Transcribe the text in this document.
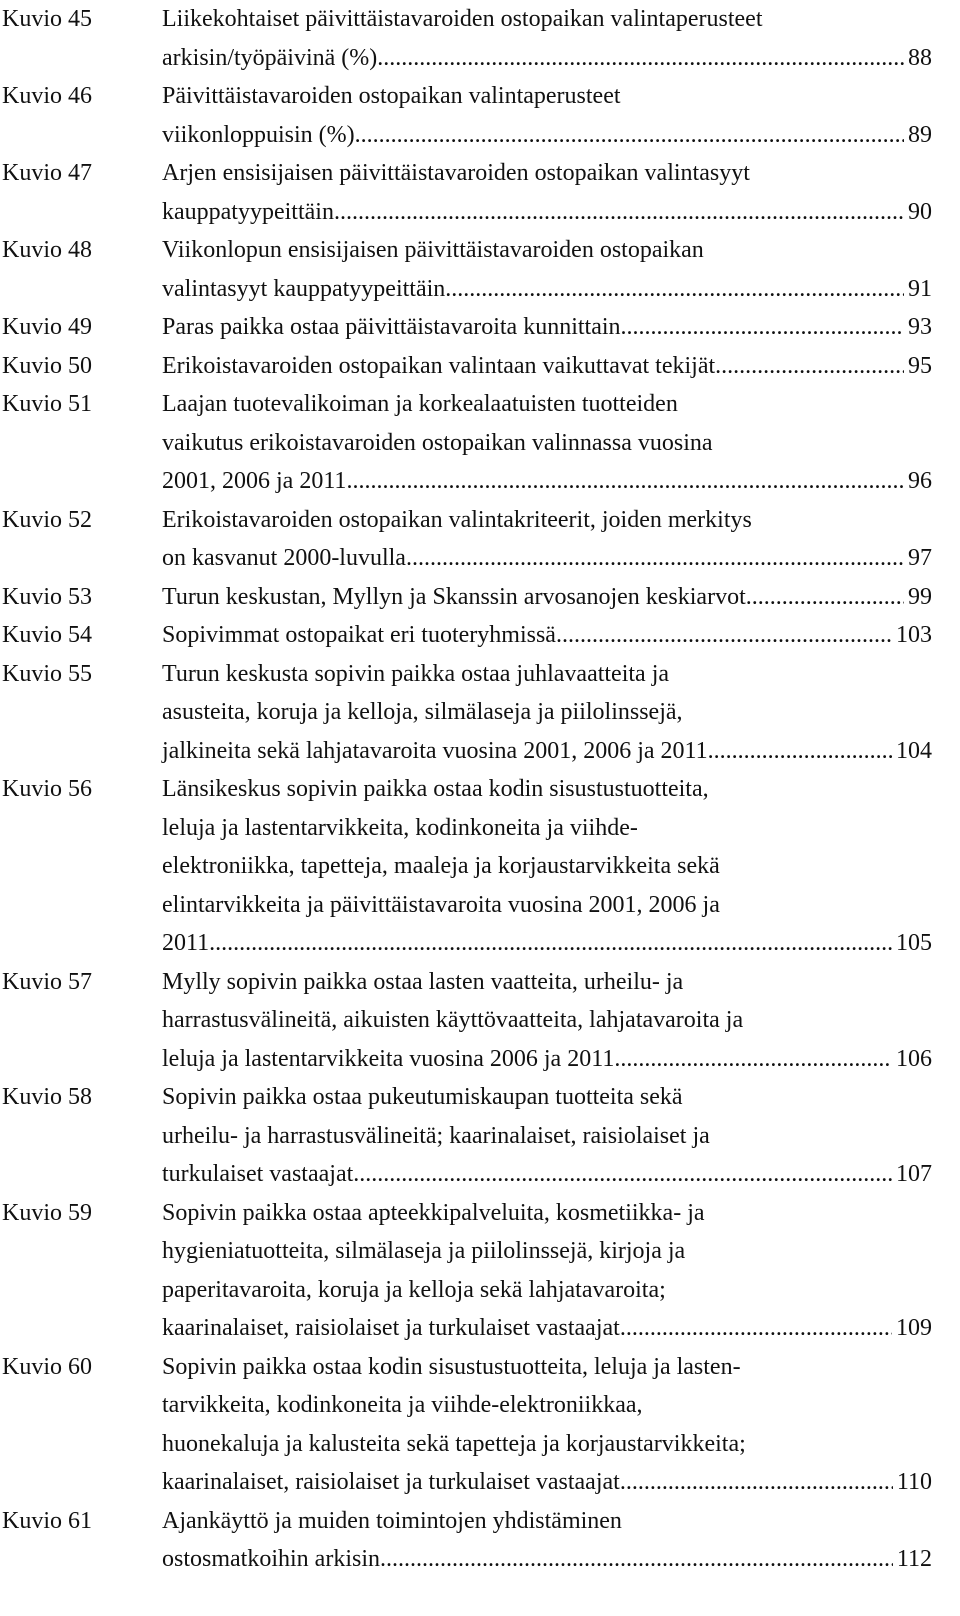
Kuvio 45	Liikekohtaiset päivittäistavaroiden ostopaikan valintaperusteet
arkisin/työpäivinä (%). .....	88
Kuvio 46	Päivittäistavaroiden ostopaikan valintaperusteet
viikonloppuisin (%) .....	89
Kuvio 47	Arjen ensisijaisen päivittäistavaroiden ostopaikan valintasyyt
kauppatyypeittäin .....	90
Kuvio 48	Viikonlopun ensisijaisen päivittäistavaroiden ostopaikan
valintasyyt kauppatyypeittäin .....	91
Kuvio 49	Paras paikka ostaa päivittäistavaroita kunnittain .....	93
Kuvio 50	Erikoistavaroiden ostopaikan valintaan vaikuttavat tekijät .....	95
Kuvio 51	Laajan tuotevalikoiman ja korkealaatuisten tuotteiden
vaikutus erikoistavaroiden ostopaikan valinnassa vuosina
2001, 2006 ja 2011 .....	96
Kuvio 52	Erikoistavaroiden ostopaikan valintakriteerit, joiden merkitys
on kasvanut 2000-luvulla .....	97
Kuvio 53	Turun keskustan, Myllyn ja Skanssin arvosanojen keskiarvot .....	99
Kuvio 54	Sopivimmat ostopaikat eri tuoteryhmissä .....	103
Kuvio 55	Turun keskusta sopivin paikka ostaa juhlavaatteita ja
asusteita, koruja ja kelloja, silmälaseja ja piilolinssejä,
jalkineita sekä lahjatavaroita vuosina 2001, 2006 ja 2011 .....	104
Kuvio 56	Länsikeskus sopivin paikka ostaa kodin sisustustuotteita,
leluja ja lastentarvikkeita, kodinkoneita ja viihde-
elektroniikka, tapetteja, maaleja ja korjaustarvikkeita sekä
elintarvikkeita ja päivittäistavaroita vuosina 2001, 2006 ja
2011 .....	105
Kuvio 57	Mylly sopivin paikka ostaa lasten vaatteita, urheilu- ja
harrastusvälineitä, aikuisten käyttövaatteita, lahjatavaroita ja
leluja ja lastentarvikkeita vuosina 2006 ja 2011 .....	106
Kuvio 58	Sopivin paikka ostaa pukeutumiskaupan tuotteita sekä
urheilu- ja harrastusvälineitä; kaarinalaiset, raisiolaiset ja
turkulaiset vastaajat .....	107
Kuvio 59	Sopivin paikka ostaa apteekkipalveluita, kosmetiikka- ja
hygieniatuotteita, silmälaseja ja piilolinssejä, kirjoja ja
paperitavaroita, koruja ja kelloja sekä lahjatavaroita;
kaarinalaiset, raisiolaiset ja turkulaiset vastaajat .....	109
Kuvio 60	Sopivin paikka ostaa kodin sisustustuotteita, leluja ja lasten-
tarvikkeita, kodinkoneita ja viihde-elektroniikkaa,
huonekaluja ja kalusteita sekä tapetteja ja korjaustarvikkeita;
kaarinalaiset, raisiolaiset ja turkulaiset vastaajat .....	110
Kuvio 61	Ajankäyttö ja muiden toimintojen yhdistäminen
ostosmatkoihin arkisin .....	112
